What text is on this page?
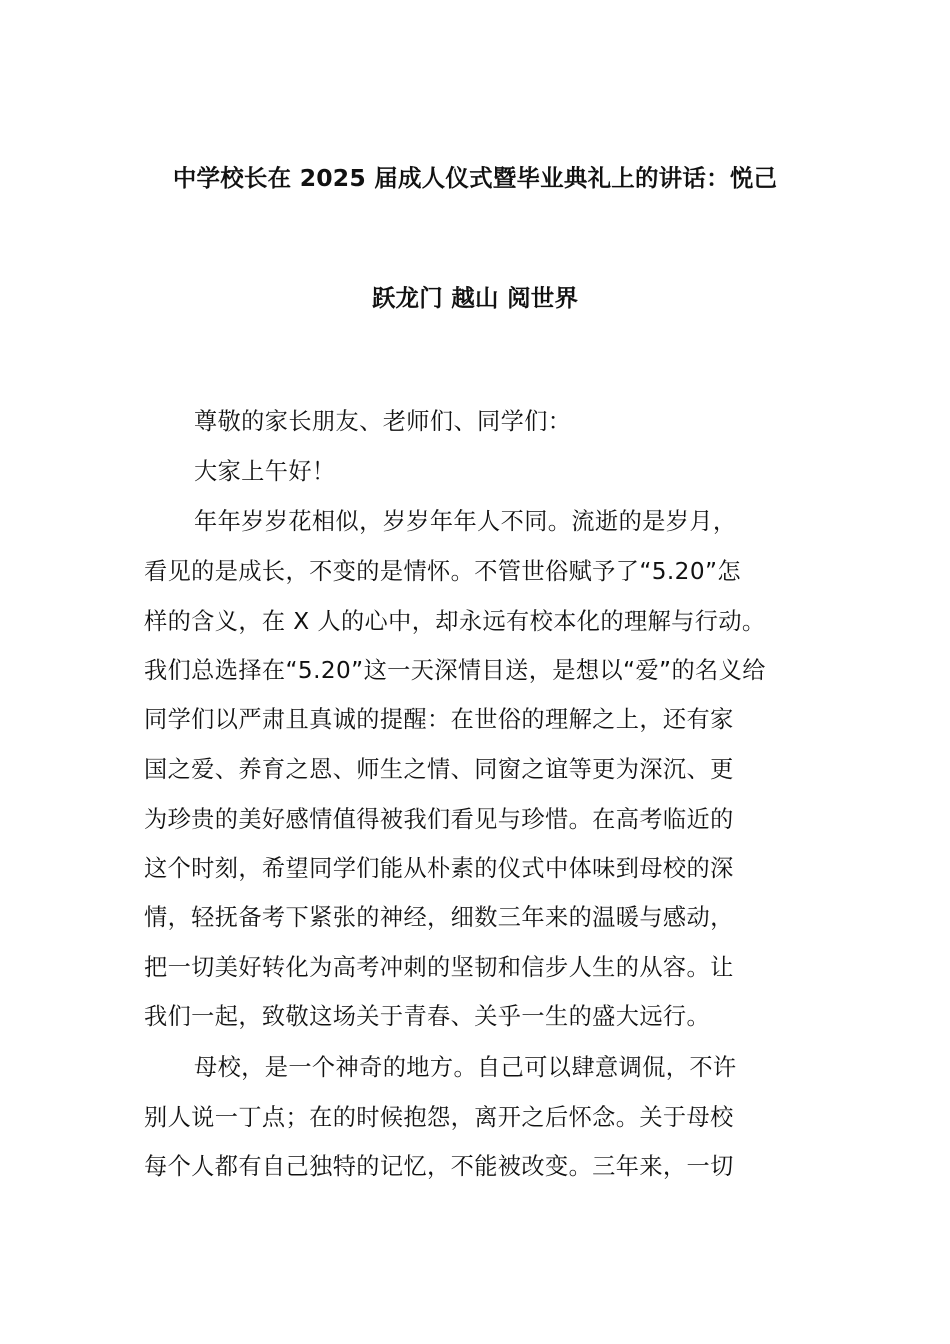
中学校长在 2025 届成人仪式暨毕业典礼上的讲话：悦己
跃龙门 越山 阅世界
尊敬的家长朋友、老师们、同学们：
大家上午好！
年年岁岁花相似，岁岁年年人不同。流逝的是岁月，
看见的是成长，不变的是情怀。不管世俗赋予了“5.20”怎
样的含义，在 X 人的心中，却永远有校本化的理解与行动。
我们总选择在“5.20”这一天深情目送，是想以“爱”的名义给
同学们以严肃且真诚的提醒：在世俗的理解之上，还有家
国之爱、养育之恩、师生之情、同窗之谊等更为深沉、更
为珍贵的美好感情值得被我们看见与珍惜。在高考临近的
这个时刻，希望同学们能从朴素的仪式中体味到母校的深
情，轻抚备考下紧张的神经，细数三年来的温暖与感动，
把一切美好转化为高考冲刺的坚韧和信步人生的从容。让
我们一起，致敬这场关于青春、关乎一生的盛大远行。
母校，是一个神奇的地方。自己可以肆意调侃，不许
别人说一丁点；在的时候抱怨，离开之后怀念。关于母校
每个人都有自己独特的记忆，不能被改变。三年来，一切
